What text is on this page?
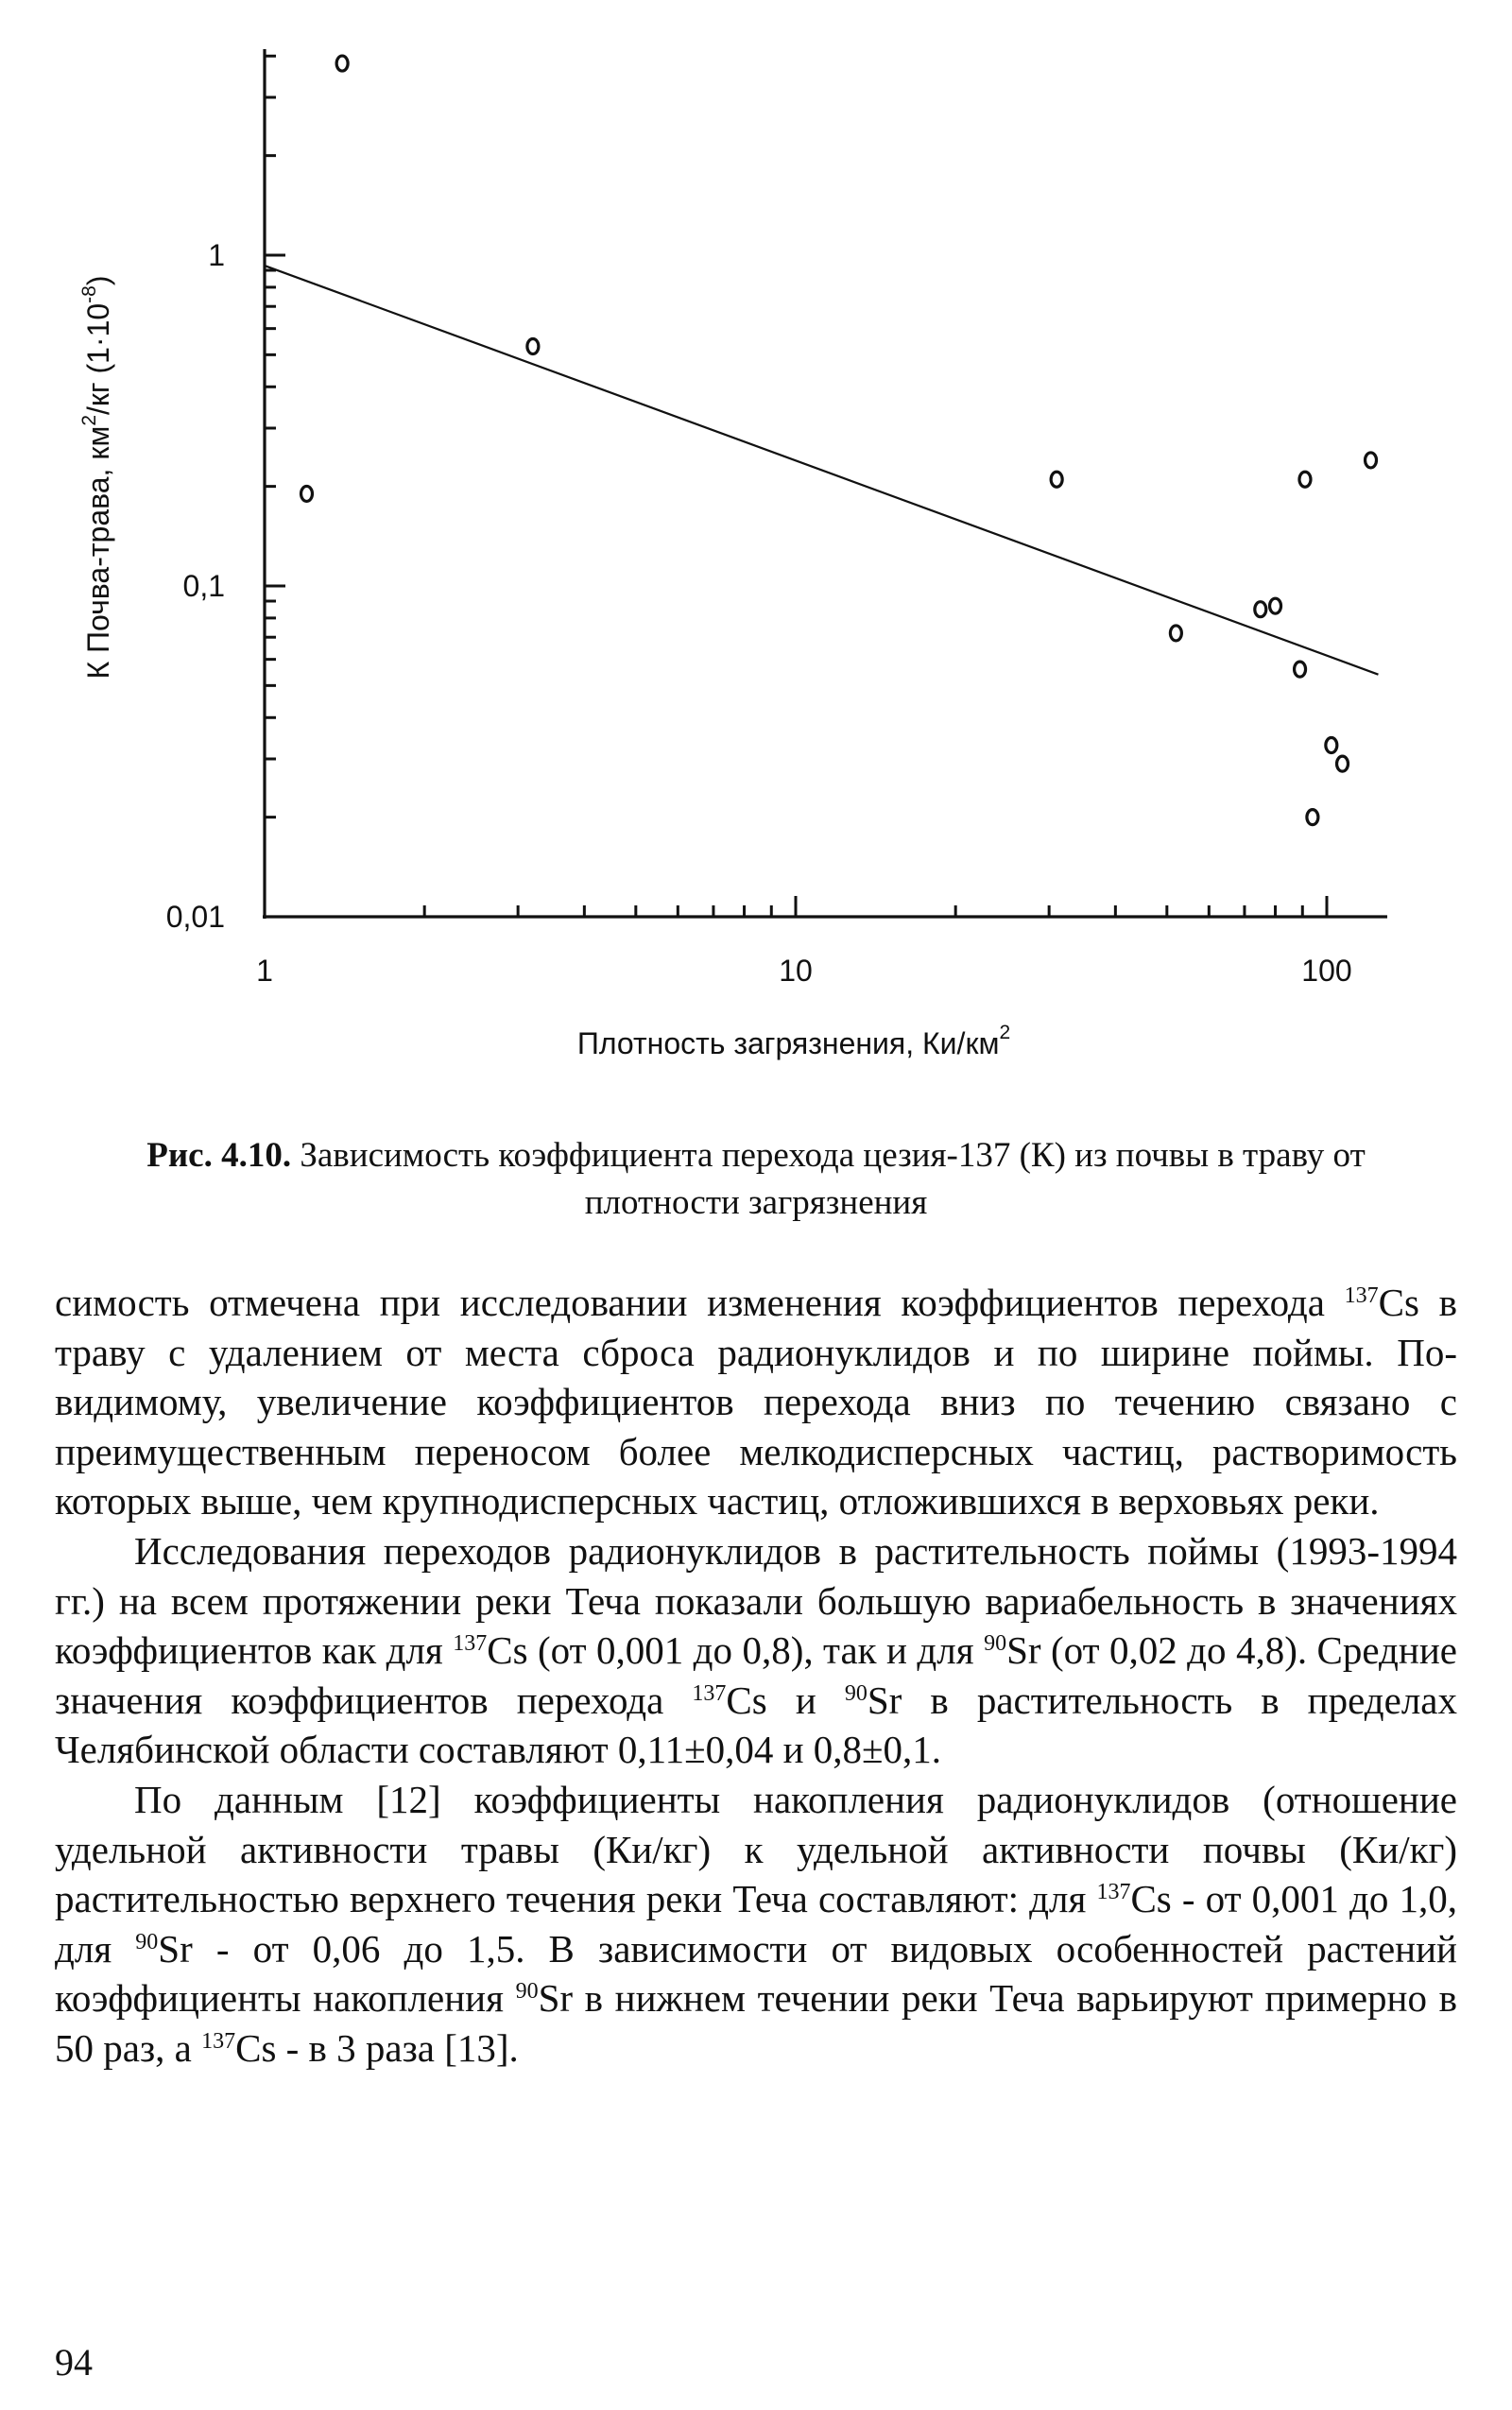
1	10	100
1
0,1
0,01
Плотность загрязнения, $Ки/км^2$
К Почва-трава, $км^2/кг$ $(1\cdot 10^{-8})$

Рис. 4.10. Зависимость коэффициента перехода цезия-137 (К) из почвы в траву от плотности загрязнения

симость отмечена при исследовании изменения коэффициентов перехода $^{137}$Cs в траву с удалением от места сброса радионуклидов и по ширине поймы. По-видимому, увеличение коэффициентов перехода вниз по течению связано с преимущественным переносом более мелкодисперсных частиц, растворимость которых выше, чем крупнодисперсных частиц, отложившихся в верховьях реки.

Исследования переходов радионуклидов в растительность поймы (1993-1994 гг.) на всем протяжении реки Теча показали большую вариабельность в значениях коэффициентов как для $^{137}$Cs (от 0,001 до 0,8), так и для $^{90}$Sr (от 0,02 до 4,8). Средние значения коэффициентов перехода $^{137}$Cs и $^{90}$Sr в растительность в пределах Челябинской области составляют 0,11±0,04 и 0,8±0,1.

По данным [12] коэффициенты накопления радионуклидов (отношение удельной активности травы (Ки/кг) к удельной активности почвы (Ки/кг) растительностью верхнего течения реки Теча составляют: для $^{137}$Cs - от 0,001 до 1,0, для $^{90}$Sr - от 0,06 до 1,5. В зависимости от видовых особенностей растений коэффициенты накопления $^{90}$Sr в нижнем течении реки Теча варьируют примерно в 50 раз, а $^{137}$Cs - в 3 раза [13].

94
